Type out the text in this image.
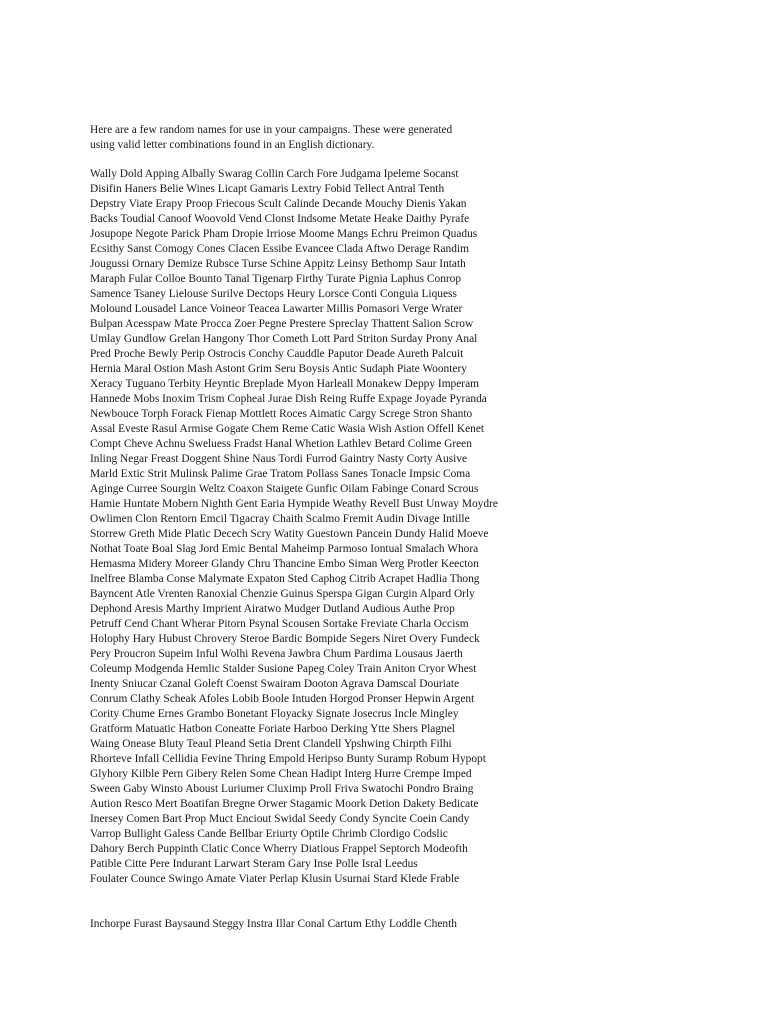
Here are a few random names for use in your campaigns. These were generated
using valid letter combinations found in an English dictionary.
Wally Dold Apping Albally Swarag Collin Carch Fore Judgama Ipeleme Socanst
Disifin Haners Belie Wines Licapt Gamaris Lextry Fobid Tellect Antral Tenth
Depstry Viate Erapy Proop Friecous Scult Calinde Decande Mouchy Dienis Yakan
Backs Toudial Canoof Woovold Vend Clonst Indsome Metate Heake Daithy Pyrafe
Josupope Negote Parick Pham Dropie Irriose Moome Mangs Echru Preimon Quadus
Ecsithy Sanst Comogy Cones Clacen Essibe Evancee Clada Aftwo Derage Randim
Jougussi Ornary Demize Rubsce Turse Schine Appitz Leinsy Bethomp Saur Intath
Maraph Fular Colloe Bounto Tanal Tigenarp Firthy Turate Pignia Laphus Conrop
Samence Tsaney Lielouse Surilve Dectops Heury Lorsce Conti Conguia Liquess
Molound Lousadel Lance Voineor Teacea Lawarter Millis Pomasori Verge Wrater
Bulpan Acesspaw Mate Procca Zoer Pegne Prestere Spreclay Thattent Salion Scrow
Umlay Gundlow Grelan Hangony Thor Cometh Lott Pard Striton Surday Prony Anal
Pred Proche Bewly Perip Ostrocis Conchy Cauddle Paputor Deade Aureth Palcuit
Hernia Maral Ostion Mash Astont Grim Seru Boysis Antic Sudaph Piate Woontery
Xeracy Tuguano Terbity Heyntic Breplade Myon Harleall Monakew Deppy Imperam
Hannede Mobs Inoxim Trism Copheal Jurae Dish Reing Ruffe Expage Joyade Pyranda
Newbouce Torph Forack Fienap Mottlett Roces Aimatic Cargy Screge Stron Shanto
Assal Eveste Rasul Armise Gogate Chem Reme Catic Wasia Wish Astion Offell Kenet
Compt Cheve Achnu Sweluess Fradst Hanal Whetion Lathlev Betard Colime Green
Inling Negar Freast Doggent Shine Naus Tordi Furrod Gaintry Nasty Corty Ausive
Marld Extic Strit Mulinsk Palime Grae Tratom Pollass Sanes Tonacle Impsic Coma
Aginge Curree Sourgin Weltz Coaxon Staigete Gunfic Oilam Fabinge Conard Scrous
Hamie Huntate Mobern Nighth Gent Earia Hympide Weathy Revell Bust Unway Moydre
Owlimen Clon Rentorn Emcil Tigacray Chaith Scalmo Fremit Audin Divage Intille
Storrew Greth Mide Platic Decech Scry Watity Guestown Pancein Dundy Halid Moeve
Nothat Toate Boal Slag Jord Emic Bental Maheimp Parmoso Iontual Smalach Whora
Hemasma Midery Moreer Glandy Chru Thancine Embo Siman Werg Protler Keecton
Inelfree Blamba Conse Malymate Expaton Sted Caphog Citrib Acrapet Hadlia Thong
Bayncent Atle Vrenten Ranoxial Chenzie Guinus Sperspa Gigan Curgin Alpard Orly
Dephond Aresis Marthy Imprient Airatwo Mudger Dutland Audious Authe Prop
Petruff Cend Chant Wherar Pitorn Psynal Scousen Sortake Freviate Charla Occism
Holophy Hary Hubust Chrovery Steroe Bardic Bompide Segers Niret Overy Fundeck
Pery Proucron Supeim Inful Wolhi Revena Jawbra Chum Pardima Lousaus Jaerth
Coleump Modgenda Hemlic Stalder Susione Papeg Coley Train Aniton Cryor Whest
Inenty Sniucar Czanal Goleft Coenst Swairam Dooton Agrava Damscal Douriate
Conrum Clathy Scheak Afoles Lobib Boole Intuden Horgod Pronser Hepwin Argent
Cority Chume Ernes Grambo Bonetant Floyacky Signate Josecrus Incle Mingley
Gratform Matuatic Hatbon Coneatte Foriate Harboo Derking Ytte Shers Plagnel
Waing Onease Bluty Teaul Pleand Setia Drent Clandell Ypshwing Chirpth Filhi
Rhorteve Infall Cellidia Fevine Thring Empold Heripso Bunty Suramp Robum Hypopt
Glyhory Kilble Pern Gibery Relen Some Chean Hadipt Interg Hurre Crempe Imped
Sween Gaby Winsto Aboust Luriumer Cluximp Proll Friva Swatochi Pondro Braing
Aution Resco Mert Boatifan Bregne Orwer Stagamic Moork Detion Dakety Bedicate
Inersey Comen Bart Prop Muct Enciout Swidal Seedy Condy Syncite Coein Candy
Varrop Bullight Galess Cande Bellbar Eriurty Optile Chrimb Clordigo Codslic
Dahory Berch Puppinth Clatic Conce Wherry Diatious Frappel Septorch Modeofth
Patible Citte Pere Indurant Larwart Steram Gary Inse Polle Isral Leedus
Foulater Counce Swingo Amate Viater Perlap Klusin Usurnai Stard Klede Frable
Inchorpe Furast Baysaund Steggy Instra Illar Conal Cartum Ethy Loddle Chenth
